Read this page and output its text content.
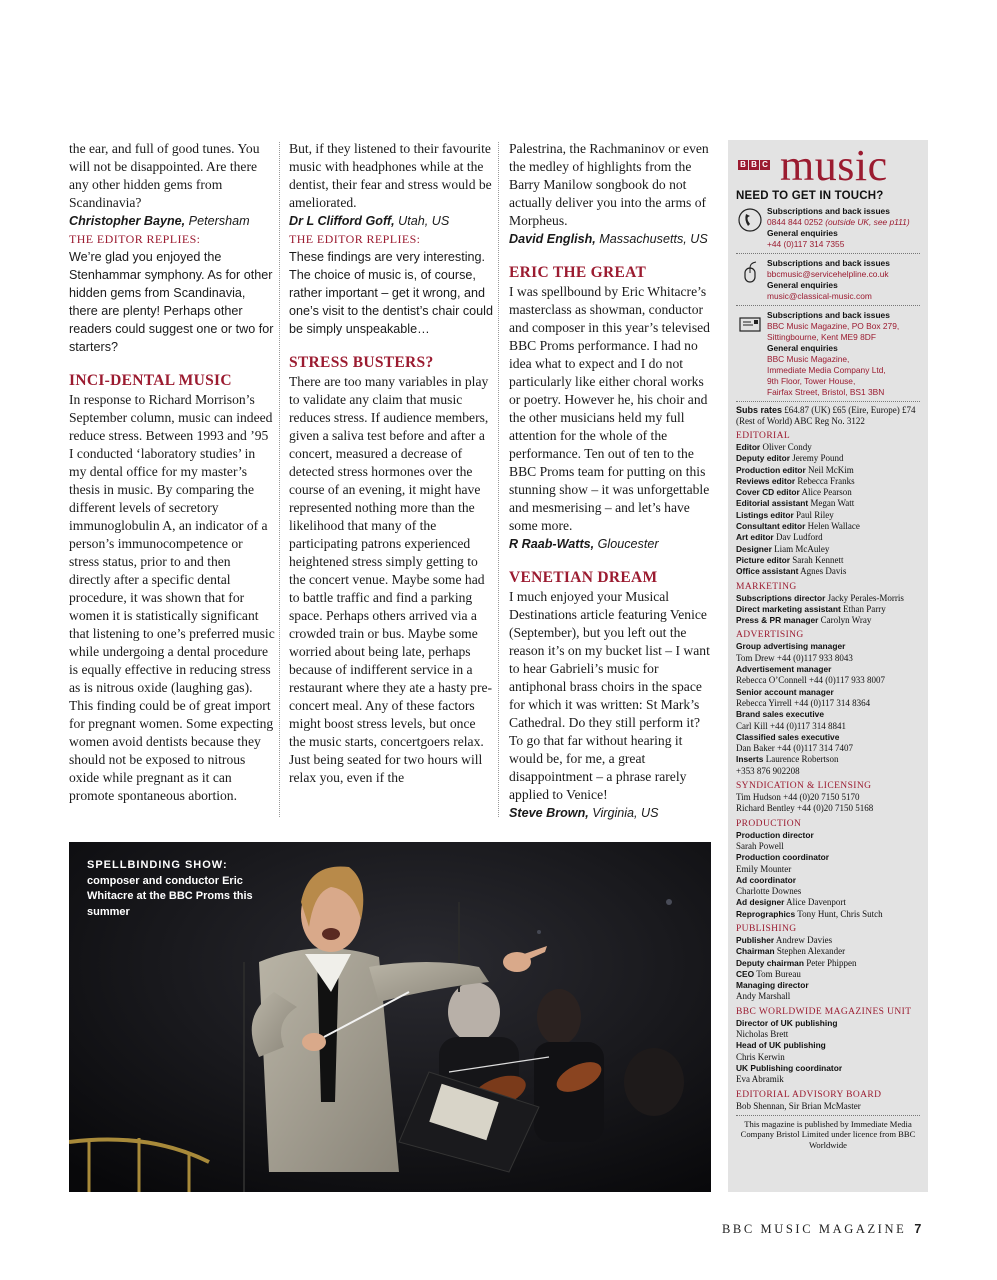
the ear, and full of good tunes. You will not be disappointed. Are there any other hidden gems from Scandinavia?

Christopher Bayne, Petersham

THE EDITOR REPLIES:

We’re glad you enjoyed the Stenhammar symphony. As for other hidden gems from Scandinavia, there are plenty! Perhaps other readers could suggest one or two for starters?

INCI-DENTAL MUSIC

In response to Richard Morrison’s September column, music can indeed reduce stress. Between 1993 and ’95 I conducted ‘laboratory studies’ in my dental office for my master’s thesis in music. By comparing the different levels of secretory immunoglobulin A, an indicator of a person’s immunocompetence or stress status, prior to and then directly after a specific dental procedure, it was shown that for women it is statistically significant that listening to one’s preferred music while undergoing a dental procedure is equally effective in reducing stress as is nitrous oxide (laughing gas). This finding could be of great import for pregnant women. Some expecting women avoid dentists because they should not be exposed to nitrous oxide while pregnant as it can promote spontaneous abortion.

But, if they listened to their favourite music with headphones while at the dentist, their fear and stress would be ameliorated.

Dr L Clifford Goff, Utah, US

THE EDITOR REPLIES:

These findings are very interesting. The choice of music is, of course, rather important – get it wrong, and one’s visit to the dentist’s chair could be simply unspeakable…

STRESS BUSTERS?

There are too many variables in play to validate any claim that music reduces stress. If audience members, given a saliva test before and after a concert, measured a decrease of detected stress hormones over the course of an evening, it might have represented nothing more than the likelihood that many of the participating patrons experienced heightened stress simply getting to the concert venue. Maybe some had to battle traffic and find a parking space. Perhaps others arrived via a crowded train or bus. Maybe some worried about being late, perhaps because of indifferent service in a restaurant where they ate a hasty pre-concert meal. Any of these factors might boost stress levels, but once the music starts, concertgoers relax. Just being seated for two hours will relax you, even if the

Palestrina, the Rachmaninov or even the medley of highlights from the Barry Manilow songbook do not actually deliver you into the arms of Morpheus.

David English, Massachusetts, US

ERIC THE GREAT

I was spellbound by Eric Whitacre’s masterclass as showman, conductor and composer in this year’s televised BBC Proms performance. I had no idea what to expect and I do not particularly like either choral works or poetry. However he, his choir and the other musicians held my full attention for the whole of the performance. Ten out of ten to the BBC Proms team for putting on this stunning show – it was unforgettable and mesmerising – and let’s have some more.

R Raab-Watts, Gloucester

VENETIAN DREAM

I much enjoyed your Musical Destinations article featuring Venice (September), but you left out the reason it’s on my bucket list – I want to hear Gabrieli’s music for antiphonal brass choirs in the space for which it was written: St Mark’s Cathedral. Do they still perform it? To go that far without hearing it would be, for me, a great disappointment – a phrase rarely applied to Venice!

Steve Brown, Virginia, US

SPELLBINDING SHOW:
composer and conductor Eric Whitacre at the BBC Proms this summer
B B C music
NEED TO GET IN TOUCH?
Subscriptions and back issues
0844 844 0252 (outside UK, see p111)
General enquiries
+44 (0)117 314 7355
Subscriptions and back issues
bbcmusic@servicehelpline.co.uk
General enquiries
music@classical-music.com
Subscriptions and back issues
BBC Music Magazine, PO Box 279,
Sittingbourne, Kent ME9 8DF
General enquiries
BBC Music Magazine,
Immediate Media Company Ltd,
9th Floor, Tower House,
Fairfax Street, Bristol, BS1 3BN

Subs rates £64.87 (UK) £65 (Eire, Europe) £74 (Rest of World) ABC Reg No. 3122

EDITORIAL
Editor Oliver Condy
Deputy editor Jeremy Pound
Production editor Neil McKim
Reviews editor Rebecca Franks
Cover CD editor Alice Pearson
Editorial assistant Megan Watt
Listings editor Paul Riley
Consultant editor Helen Wallace
Art editor Dav Ludford
Designer Liam McAuley
Picture editor Sarah Kennett
Office assistant Agnes Davis
MARKETING
Subscriptions director Jacky Perales-Morris
Direct marketing assistant Ethan Parry
Press & PR manager Carolyn Wray
ADVERTISING
Group advertising manager
Tom Drew +44 (0)117 933 8043
Advertisement manager
Rebecca O’Connell +44 (0)117 933 8007
Senior account manager
Rebecca Yirrell +44 (0)117 314 8364
Brand sales executive
Carl Kill +44 (0)117 314 8841
Classified sales executive
Dan Baker +44 (0)117 314 7407
Inserts Laurence Robertson
+353 876 902208
SYNDICATION & LICENSING
Tim Hudson +44 (0)20 7150 5170
Richard Bentley +44 (0)20 7150 5168
PRODUCTION
Production director
Sarah Powell
Production coordinator
Emily Mounter
Ad coordinator
Charlotte Downes
Ad designer Alice Davenport
Reprographics Tony Hunt, Chris Sutch
PUBLISHING
Publisher Andrew Davies
Chairman Stephen Alexander
Deputy chairman Peter Phippen
CEO Tom Bureau
Managing director
Andy Marshall
BBC WORLDWIDE MAGAZINES UNIT
Director of UK publishing
Nicholas Brett
Head of UK publishing
Chris Kerwin
UK Publishing coordinator
Eva Abramik
EDITORIAL ADVISORY BOARD
Bob Shennan, Sir Brian McMaster

This magazine is published by Immediate Media Company Bristol Limited under licence from BBC Worldwide

BBC MUSIC MAGAZINE 7
